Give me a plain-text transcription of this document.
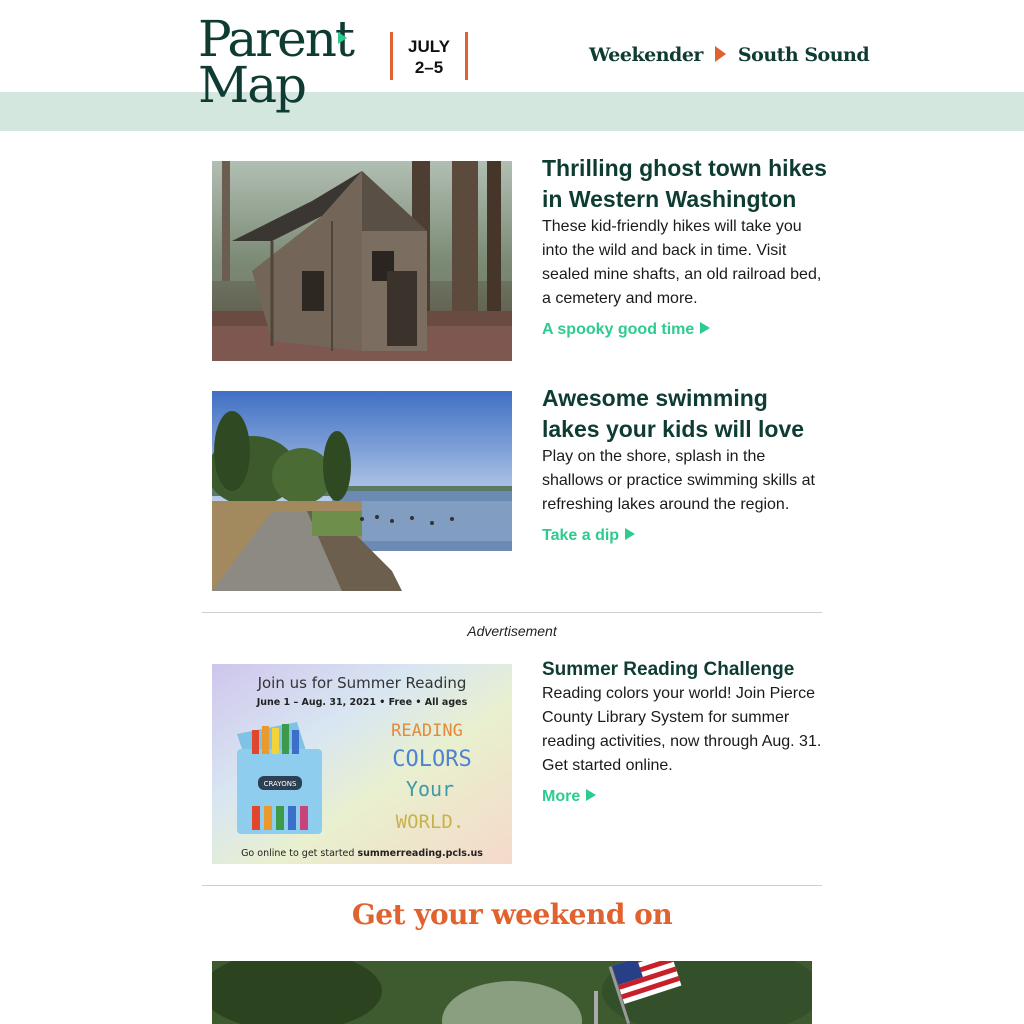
Parent
Map
JULY
2–5
Weekender South Sound
Thrilling ghost town hikes in Western Washington

These kid-friendly hikes will take you into the wild and back in time. Visit sealed mine shafts, an old railroad bed, a cemetery and more.

A spooky good time
Awesome swimming lakes your kids will love

Play on the shore, splash in the shallows or practice swimming skills at refreshing lakes around the region.

Take a dip
Advertisement
Join us for Summer Reading
June 1 – Aug. 31, 2021 • Free • All ages
CRAYONS
READING
COLORS
Your
WORLD.
Go online to get started summerreading.pcls.us
Summer Reading Challenge

Reading colors your world! Join Pierce County Library System for summer reading activities, now through Aug. 31. Get started online.

More
Get your weekend on
